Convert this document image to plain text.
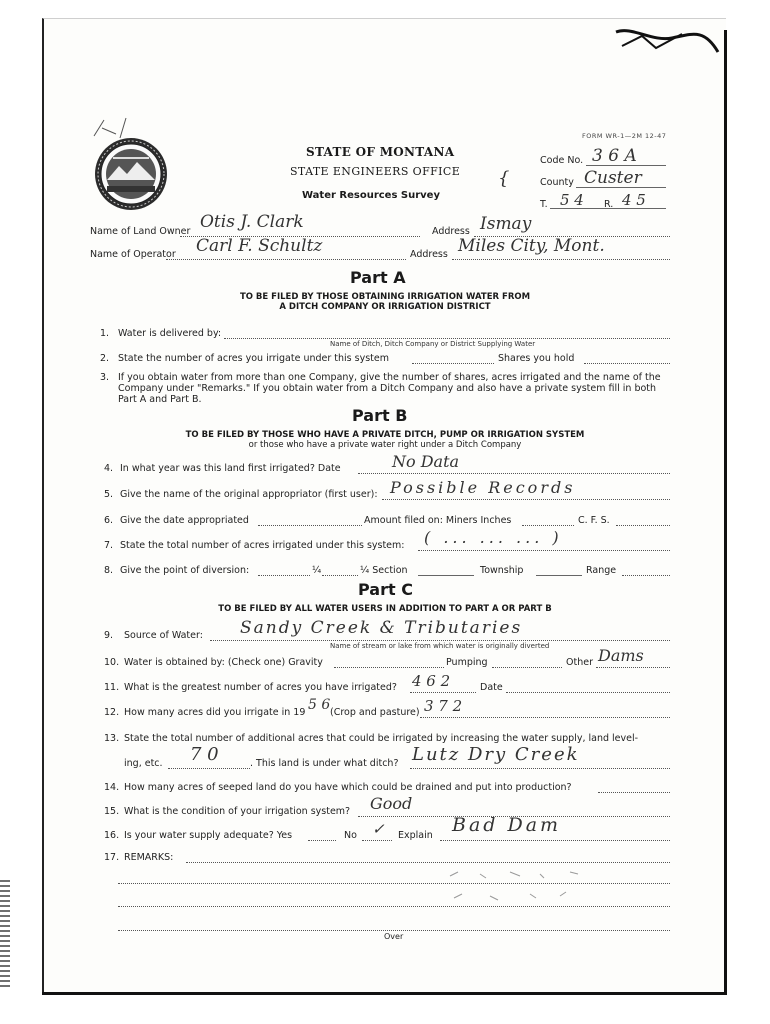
FORM WR-1—2M 12-47
STATE OF MONTANA
STATE ENGINEERS OFFICE
Water Resources Survey
Code No. 3 6 A
{	County Custer
T. 5 4 R. 4 5
Name of Land Owner Otis J. Clark	Address Ismay
Name of Operator Carl F. Schultz	Address Miles City, Mont.
Part A
TO BE FILED BY THOSE OBTAINING IRRIGATION WATER FROM
A DITCH COMPANY OR IRRIGATION DISTRICT
1. Water is delivered by:
Name of Ditch, Ditch Company or District Supplying Water
2. State the number of acres you irrigate under this system	Shares you hold
3. If you obtain water from more than one Company, give the number of shares, acres irrigated and the name of the Company under "Remarks." If you obtain water from a Ditch Company and also have a private system fill in both Part A and Part B.
Part B
TO BE FILED BY THOSE WHO HAVE A PRIVATE DITCH, PUMP OR IRRIGATION SYSTEM
or those who have a private water right under a Ditch Company
4. In what year was this land first irrigated? Date	No Data
5. Give the name of the original appropriator (first user): Possible Records
6. Give the date appropriated	Amount filed on: Miners Inches	C. F. S.
7. State the total number of acres irrigated under this system: ( ... ... ... )
8. Give the point of diversion:	¼	¼ Section	Township	Range
Part C
TO BE FILED BY ALL WATER USERS IN ADDITION TO PART A OR PART B
9. Source of Water: Sandy Creek & Tributaries
Name of stream or lake from which water is originally diverted
10. Water is obtained by: (Check one) Gravity	Pumping	Other Dams
11. What is the greatest number of acres you have irrigated? 4 6 2	Date
12. How many acres did you irrigate in 19 5 6 (Crop and pasture) 3 7 2
13. State the total number of additional acres that could be irrigated by increasing the water supply, land level-
ing, etc. 7 0	. This land is under what ditch? Lutz Dry Creek
14. How many acres of seeped land do you have which could be drained and put into production?
15. What is the condition of your irrigation system? Good
16. Is your water supply adequate? Yes	No ✓ Explain Bad Dam
17. REMARKS:
Over
